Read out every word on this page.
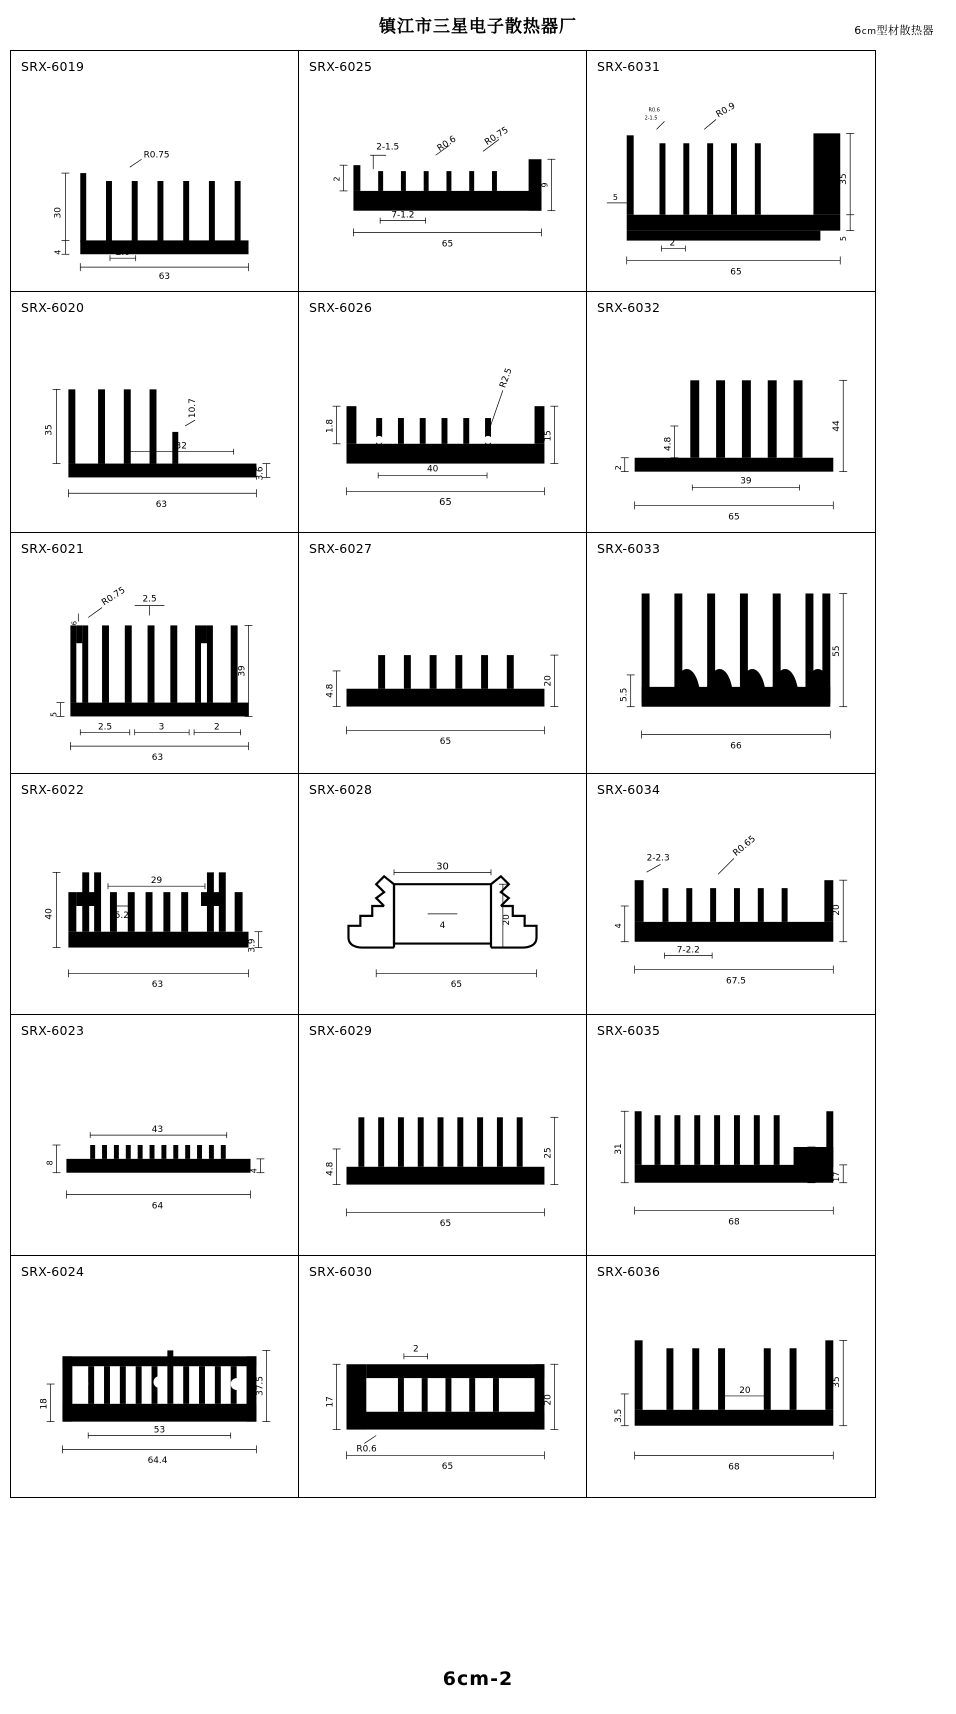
镇江市三星电子散热器厂	6cm型材散热器
SRX-6019
30
4	2.0
63
R0.75
SRX-6025
2
9
7-1.2
65
2-1.5	R0.6	R0.75
SRX-6031
5
2
65
35
5
R0.9
R0.6
2-1.5
SRX-6020
35
10.7
32
63
3.6
SRX-6026
1.8
15
40
65
R2.5
SRX-6032
44
4.8
2
39
65
SRX-6021
39
5
2.5	3	2
63
R0.75 2.5
6
SRX-6027
4.8
20
65
SRX-6033
55
5.5
66
SRX-6022
40
3.9
29
5.2
63
SRX-6028
30
20
4
65
SRX-6034
4
20
7-2.2
67.5
2-2.3	R0.65
SRX-6023
8
4
43
64
SRX-6029
4.8
25
65
SRX-6035
31
10
17
68
SRX-6024
37.5
18
53
64.4
SRX-6030
17	20
2
65
R0.6
SRX-6036
35
3.5
20
68
6cm-2
